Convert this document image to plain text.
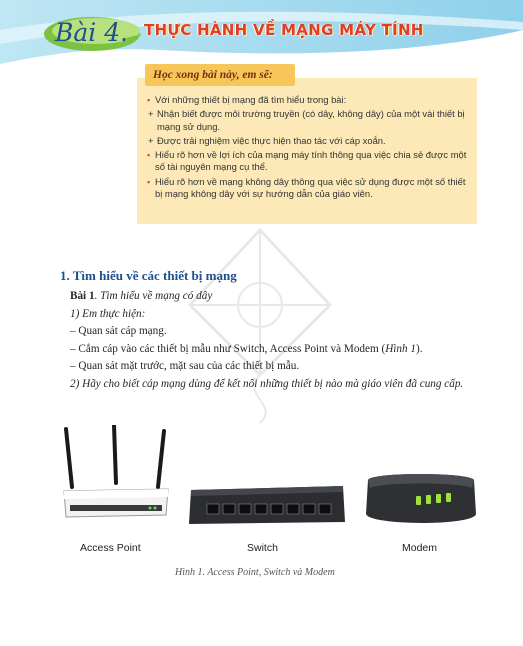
Bài 4. THỰC HÀNH VỀ MẠNG MÁY TÍNH
Học xong bài này, em sẽ:
▪ Với những thiết bị mạng đã tìm hiểu trong bài:
+ Nhận biết được môi trường truyền (có dây, không dây) của một vài thiết bị mạng sử dụng.
+ Được trải nghiệm việc thực hiện thao tác với cáp xoắn.
▪ Hiểu rõ hơn về lợi ích của mạng máy tính thông qua việc chia sẻ được một số tài nguyên mạng cụ thể.
▪ Hiểu rõ hơn về mạng không dây thông qua việc sử dụng được một số thiết bị mạng không dây với sự hướng dẫn của giáo viên.
1. Tìm hiểu về các thiết bị mạng

Bài 1. Tìm hiểu về mạng có dây

1) Em thực hiện:

– Quan sát cáp mạng.

– Cắm cáp vào các thiết bị mẫu như Switch, Access Point và Modem (Hình 1).

– Quan sát mặt trước, mặt sau của các thiết bị mẫu.

2) Hãy cho biết cáp mạng dùng để kết nối những thiết bị nào mà giáo viên đã cung cấp.

Access Point	Switch	Modem
Hình 1. Access Point, Switch và Modem
